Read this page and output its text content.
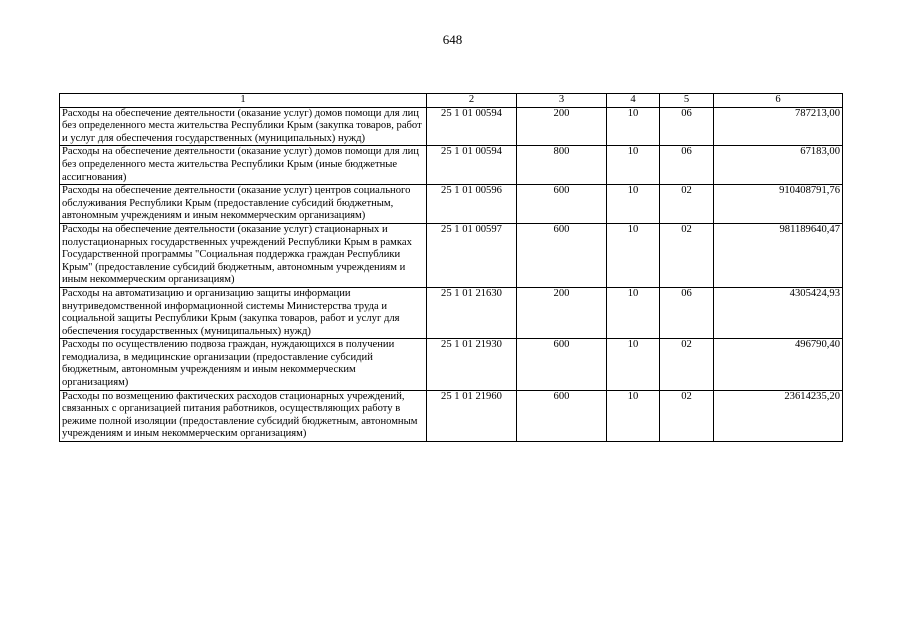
648
1	2	3	4	5	6
Расходы на обеспечение деятельности (оказание услуг) домов помощи для лиц без определенного места жительства Республики Крым (закупка товаров, работ и услуг для обеспечения государственных (муниципальных) нужд)	25 1 01 00594	200	10	06	787213,00
Расходы на обеспечение деятельности (оказание услуг) домов помощи для лиц без определенного места жительства Республики Крым (иные бюджетные ассигнования)	25 1 01 00594	800	10	06	67183,00
Расходы на обеспечение деятельности (оказание услуг) центров социального обслуживания Республики Крым (предоставление субсидий бюджетным, автономным учреждениям и иным некоммерческим организациям)	25 1 01 00596	600	10	02	910408791,76
Расходы на обеспечение деятельности (оказание услуг) стационарных и полустационарных государственных учреждений Республики Крым в рамках Государственной программы "Социальная поддержка граждан Республики Крым" (предоставление субсидий бюджетным, автономным учреждениям и иным некоммерческим организациям)	25 1 01 00597	600	10	02	981189640,47
Расходы на автоматизацию и организацию защиты информации внутриведомственной информационной системы Министерства труда и социальной защиты Республики Крым (закупка товаров, работ и услуг для обеспечения государственных (муниципальных) нужд)	25 1 01 21630	200	10	06	4305424,93
Расходы по осуществлению подвоза граждан, нуждающихся в получении гемодиализа, в медицинские организации (предоставление субсидий бюджетным, автономным учреждениям и иным некоммерческим организациям)	25 1 01 21930	600	10	02	496790,40
Расходы по возмещению фактических расходов стационарных учреждений, связанных с организацией питания работников, осуществляющих работу в режиме полной изоляции (предоставление субсидий бюджетным, автономным учреждениям и иным некоммерческим организациям)	25 1 01 21960	600	10	02	23614235,20
